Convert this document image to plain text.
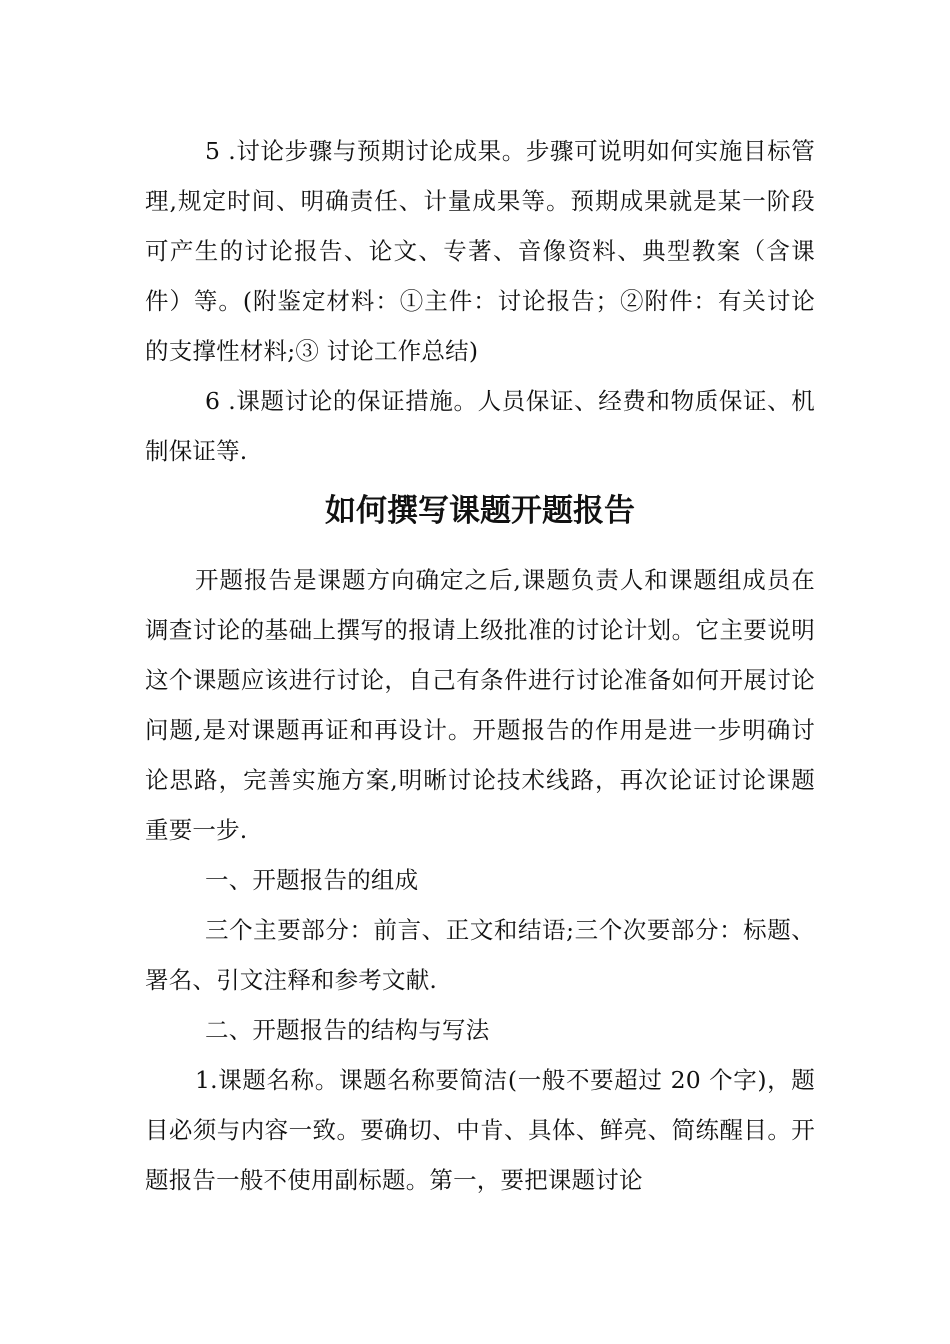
5 .讨论步骤与预期讨论成果。步骤可说明如何实施目标管理,规定时间、明确责任、计量成果等。预期成果就是某一阶段可产生的讨论报告、论文、专著、音像资料、典型教案（含课件）等。(附鉴定材料：①主件：讨论报告；②附件：有关讨论的支撑性材料;③ 讨论工作总结)

6 .课题讨论的保证措施。人员保证、经费和物质保证、机制保证等.

如何撰写课题开题报告

开题报告是课题方向确定之后,课题负责人和课题组成员在调查讨论的基础上撰写的报请上级批准的讨论计划。它主要说明这个课题应该进行讨论，自己有条件进行讨论准备如何开展讨论问题,是对课题再证和再设计。开题报告的作用是进一步明确讨论思路，完善实施方案,明晰讨论技术线路，再次论证讨论课题重要一步.

一、开题报告的组成

三个主要部分：前言、正文和结语;三个次要部分：标题、署名、引文注释和参考文献.

二、开题报告的结构与写法

1.课题名称。课题名称要简洁(一般不要超过 20 个字)，题目必须与内容一致。要确切、中肯、具体、鲜亮、简练醒目。开题报告一般不使用副标题。第一，要把课题讨论
